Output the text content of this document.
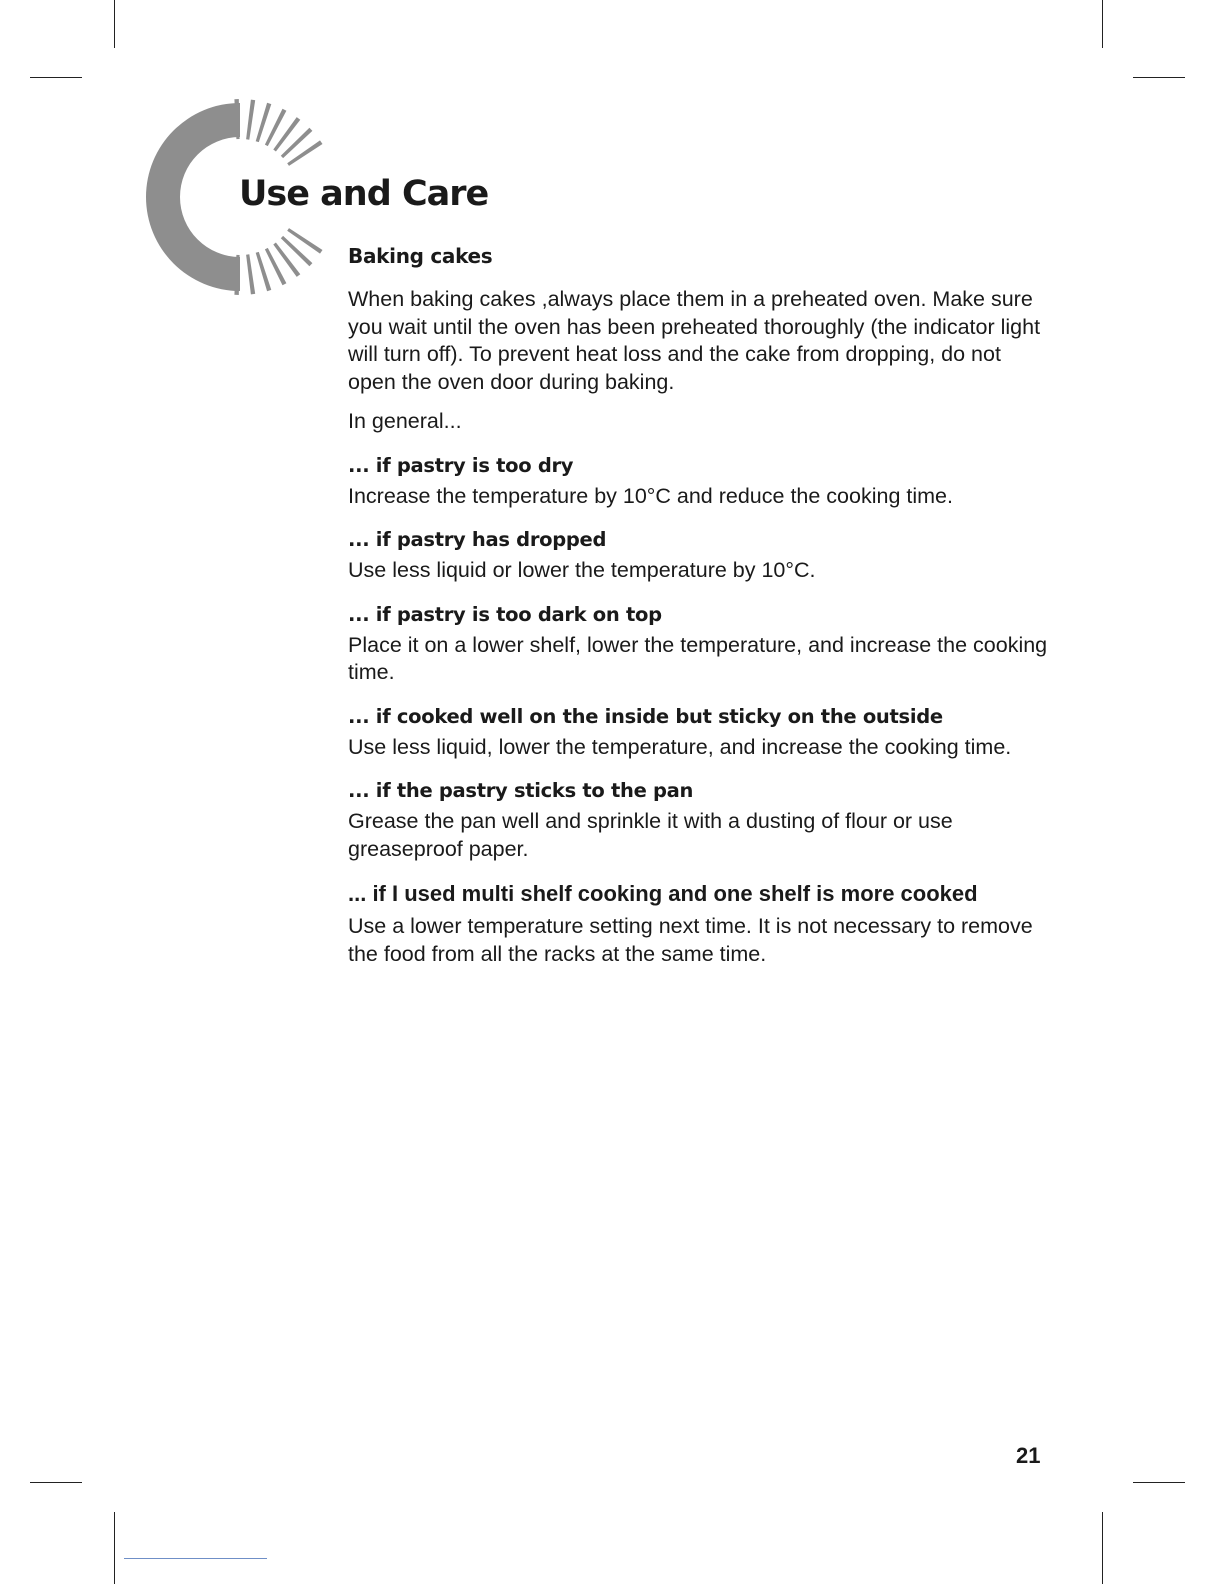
Use and Care
Baking cakes

When baking cakes ,always place them in a preheated oven. Make sure you wait until the oven has been preheated thoroughly (the indicator light will turn off). To prevent heat loss and the cake from dropping, do not open the oven door during baking.

In general...

... if pastry is too dry

Increase the temperature by 10°C and reduce the cooking time.

... if pastry has dropped

Use less liquid or lower the temperature by 10°C.

... if pastry is too dark on top

Place it on a lower shelf, lower the temperature, and increase the cooking time.

... if cooked well on the inside but sticky on the outside

Use less liquid, lower the temperature, and increase the cooking time.

... if the pastry sticks to the pan

Grease the pan well and sprinkle it with a dusting of flour or use greaseproof paper.

... if I used multi shelf cooking and one shelf is more cooked

Use a lower temperature setting next time. It is not necessary to remove the food from all the racks at the same time.

21
